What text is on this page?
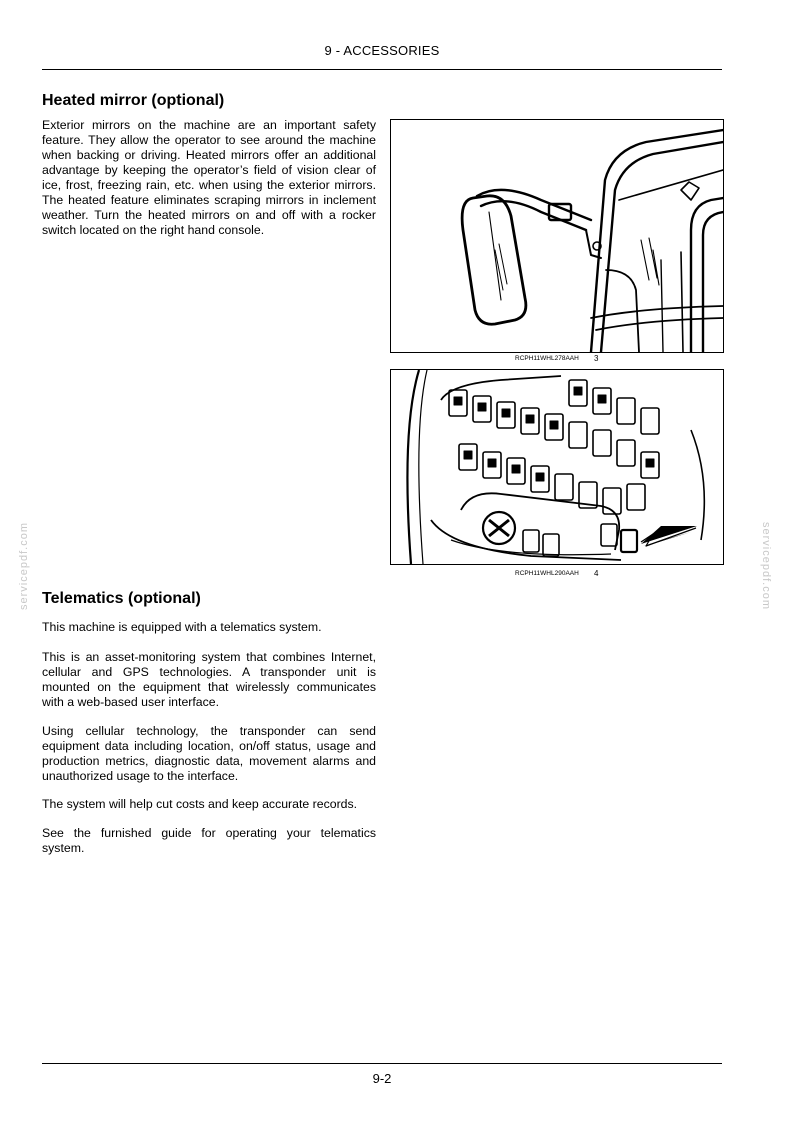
9 - ACCESSORIES
Heated mirror (optional)

Exterior mirrors on the machine are an important safety feature. They allow the operator to see around the machine when backing or driving. Heated mirrors offer an additional advantage by keeping the operator’s field of vision clear of ice, frost, freezing rain, etc. when using the exterior mirrors. The heated feature eliminates scraping mirrors in inclement weather. Turn the heated mirrors on and off with a rocker switch located on the right hand console.

RCPH11WHL278AAH 3
RCPH11WHL290AAH 4
Telematics (optional)

This machine is equipped with a telematics system.

This is an asset-monitoring system that combines Internet, cellular and GPS technologies. A transponder unit is mounted on the equipment that wirelessly communicates with a web-based user interface.

Using cellular technology, the transponder can send equipment data including location, on/off status, usage and production metrics, diagnostic data, movement alarms and unauthorized usage to the interface.

The system will help cut costs and keep accurate records.

See the furnished guide for operating your telematics system.

servicepdf.com	servicepdf.com
9-2
